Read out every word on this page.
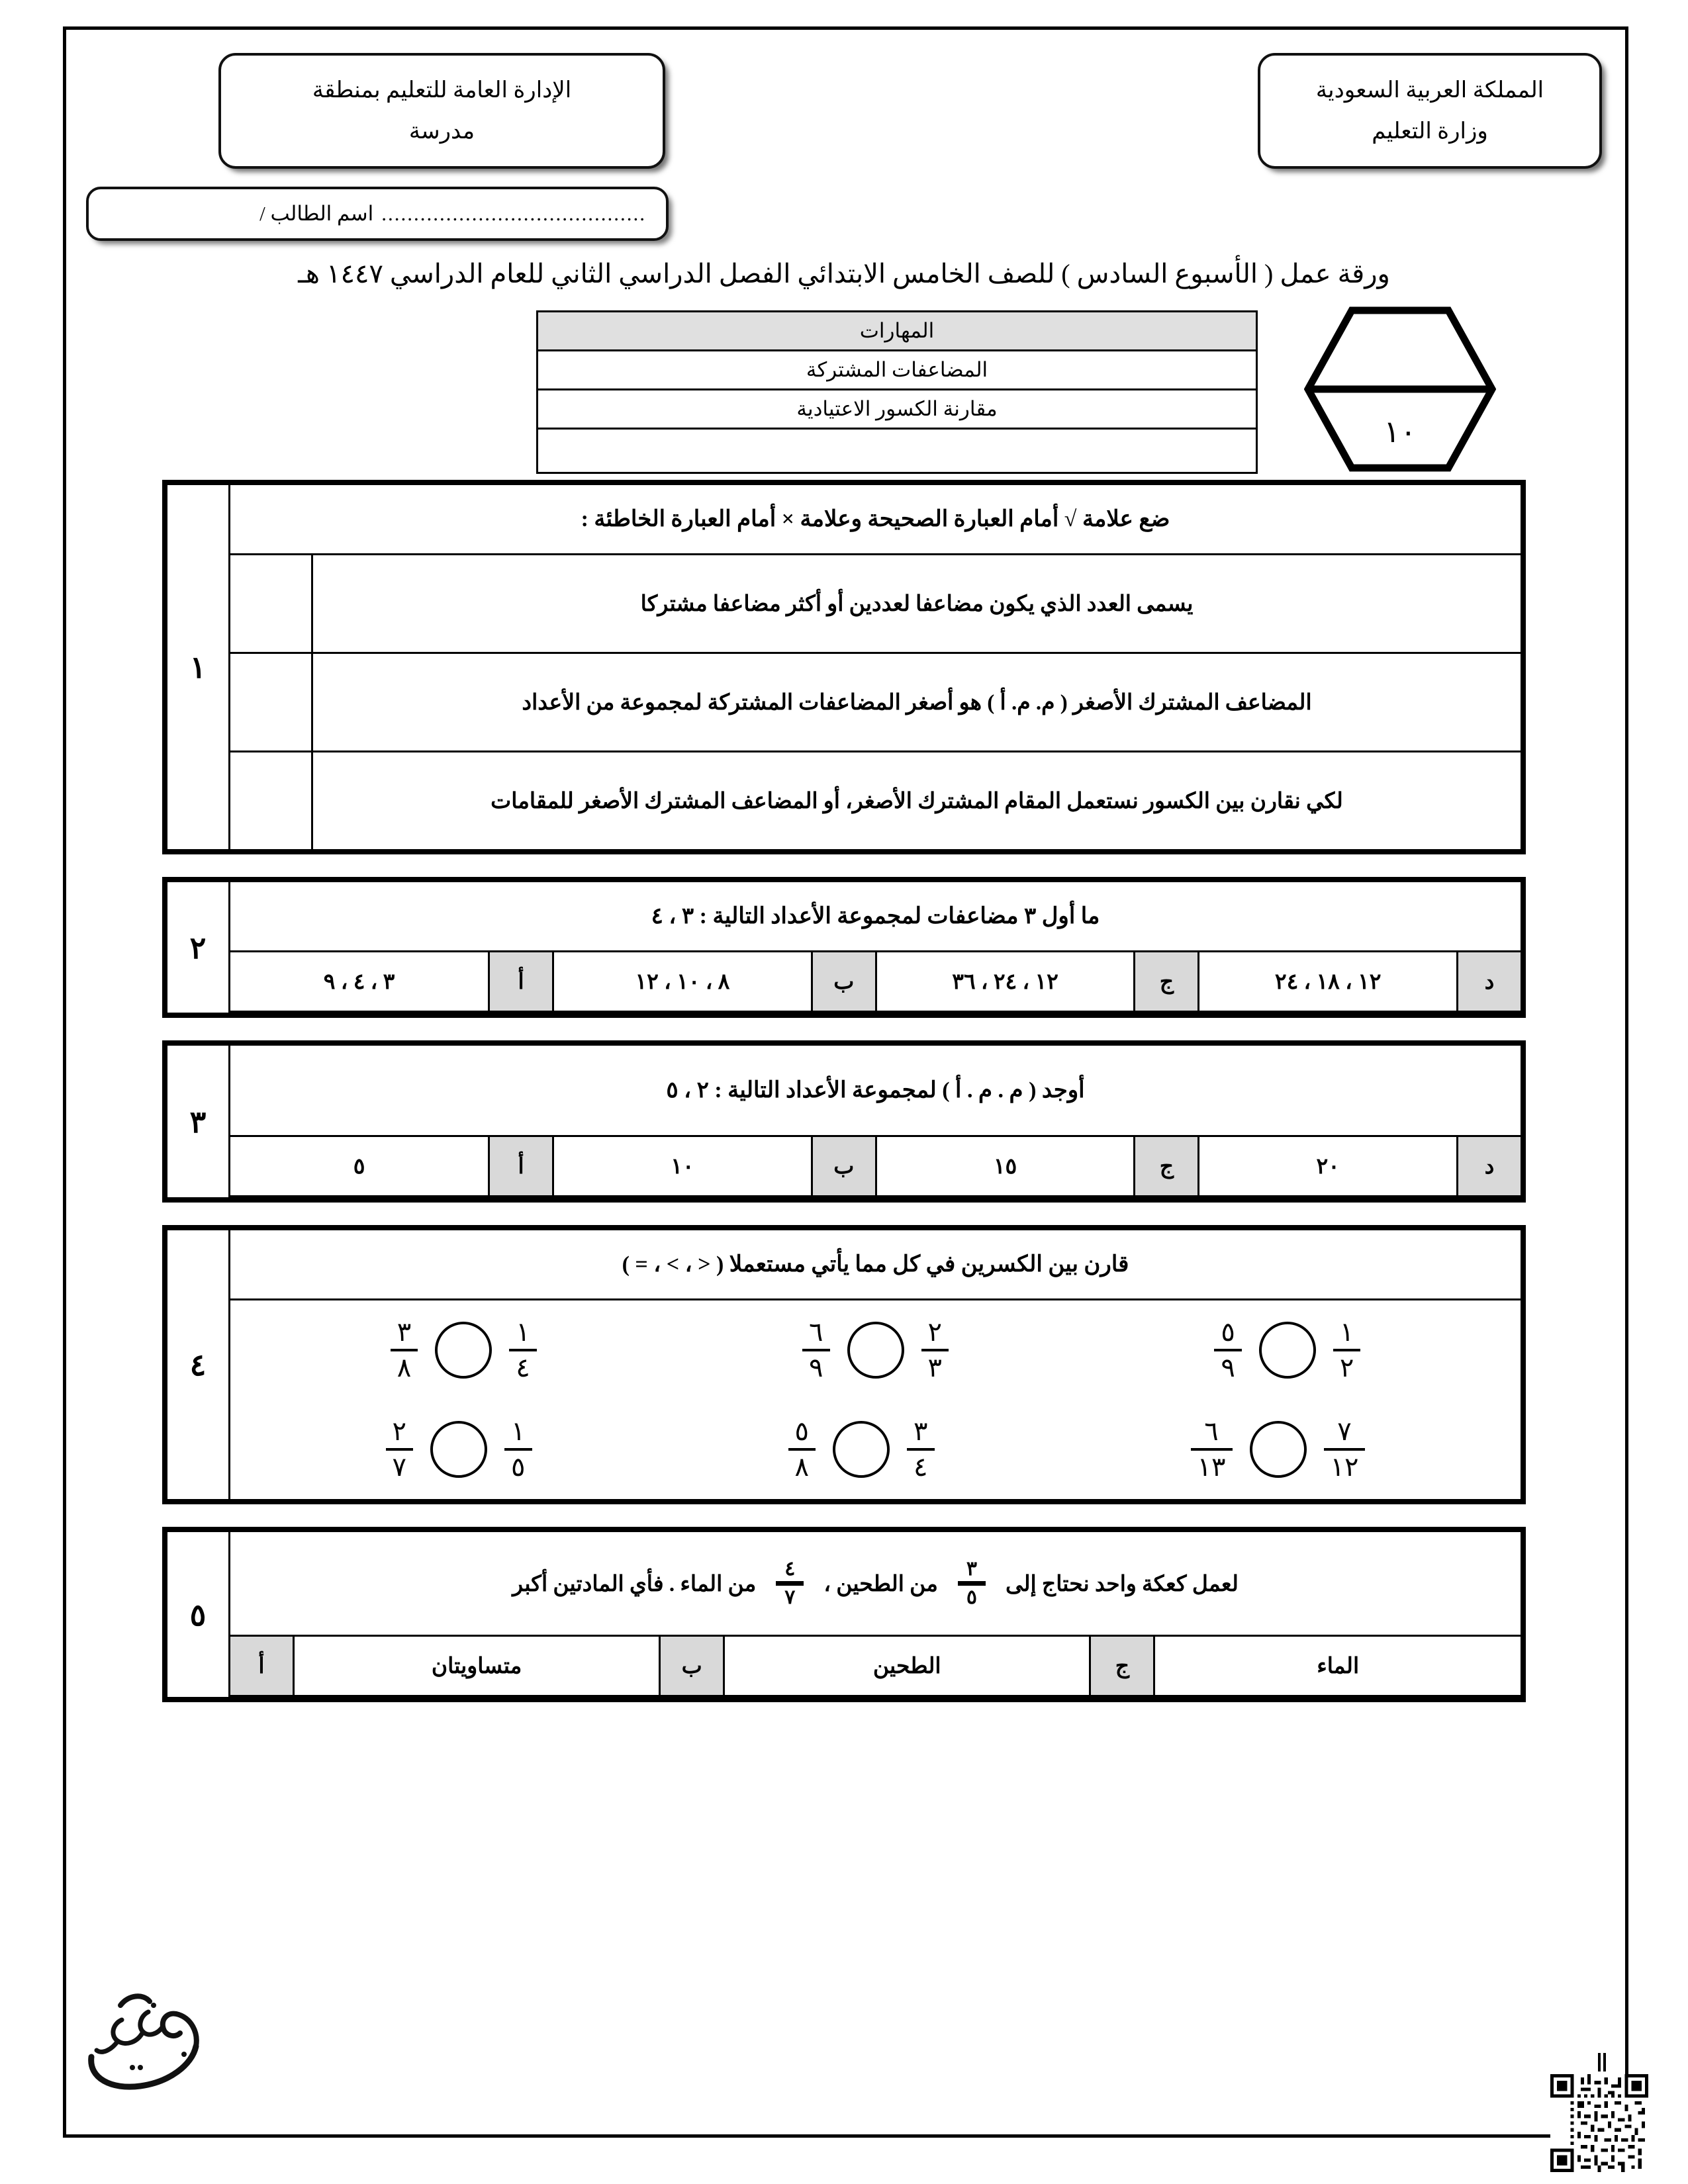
المملكة العربية السعودية
وزارة التعليم
الإدارة العامة للتعليم بمنطقة
مدرسة
.........................................
اسم الطالب /
ورقة عمل ( الأسبوع السادس ) للصف الخامس الابتدائي الفصل الدراسي الثاني للعام الدراسي ١٤٤٧ هـ
١٠
المهارات
المضاعفات المشتركة
مقارنة الكسور الاعتيادية

ضع علامة √ أمام العبارة الصحيحة وعلامة × أمام العبارة الخاطئة :	١

يسمى العدد الذي يكون مضاعفا لعددين أو أكثر مضاعفا مشتركا	

المضاعف المشترك الأصغر ( م. م. أ ) هو أصغر المضاعفات المشتركة لمجموعة من الأعداد	

لكي نقارن بين الكسور نستعمل المقام المشترك الأصغر، أو المضاعف المشترك الأصغر للمقامات	
ما أول ٣ مضاعفات لمجموعة الأعداد التالية : ٣ ، ٤	٢

د	١٢ ، ١٨ ، ٢٤	ج	١٢ ، ٢٤ ، ٣٦	ب	٨ ، ١٠ ، ١٢	أ	٣ ، ٤ ، ٩
أوجد ( م . م . أ ) لمجموعة الأعداد التالية : ٢ ، ٥	٣

د	٢٠	ج	١٥	ب	١٠	أ	٥
قارن بين الكسرين في كل مما يأتي مستعملا ( < ، > ، = )	٤

$\frac{٥}{٩}$	$\frac{١}{٢}$
$\frac{٦}{٩}$	$\frac{٢}{٣}$
$\frac{٣}{٨}$	$\frac{١}{٤}$

$\frac{٦}{١٣}$	$\frac{٧}{١٢}$
$\frac{٥}{٨}$	$\frac{٣}{٤}$
$\frac{٢}{٧}$	$\frac{١}{٥}$
لعمل كعكة واحد نحتاج إلى
$\frac{٣}{٥}$
من الطحين ،
$\frac{٤}{٧}$
من الماء . فأي المادتين أكبر
	٥

الماء	ج	الطحين	ب	متساويتان	أ
